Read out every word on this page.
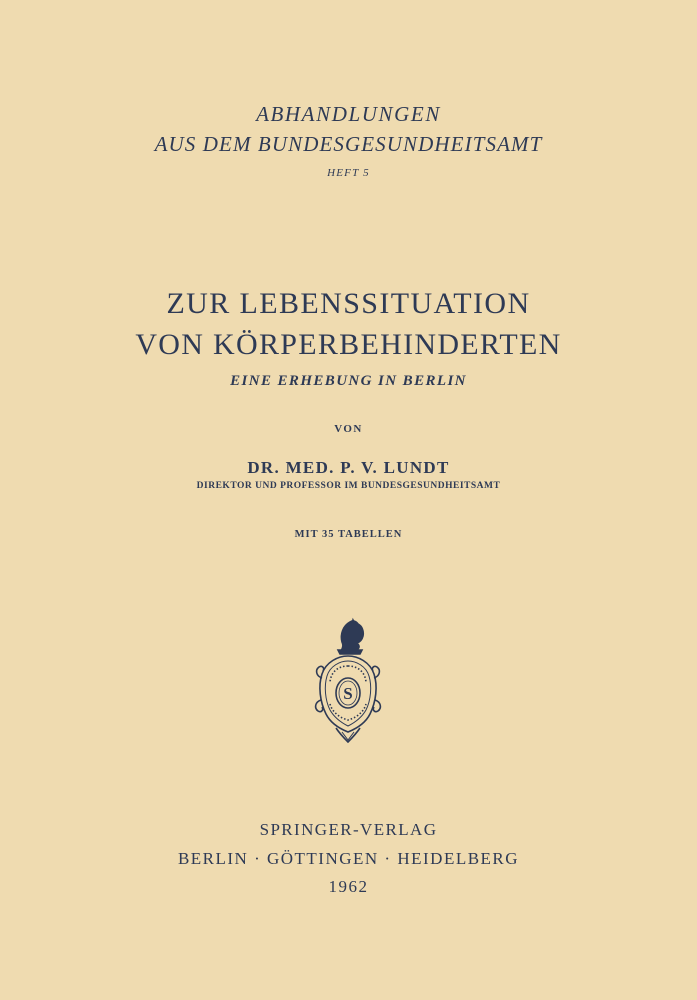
ABHANDLUNGEN

AUS DEM BUNDESGESUNDHEITSAMT

HEFT 5

ZUR LEBENSSITUATION
VON KÖRPERBEHINDERTEN

EINE ERHEBUNG IN BERLIN

VON

DR. MED. P. V. LUNDT

DIREKTOR UND PROFESSOR IM BUNDESGESUNDHEITSAMT

MIT 35 TABELLEN

S

SPRINGER-VERLAG

BERLIN · GÖTTINGEN · HEIDELBERG

1962
